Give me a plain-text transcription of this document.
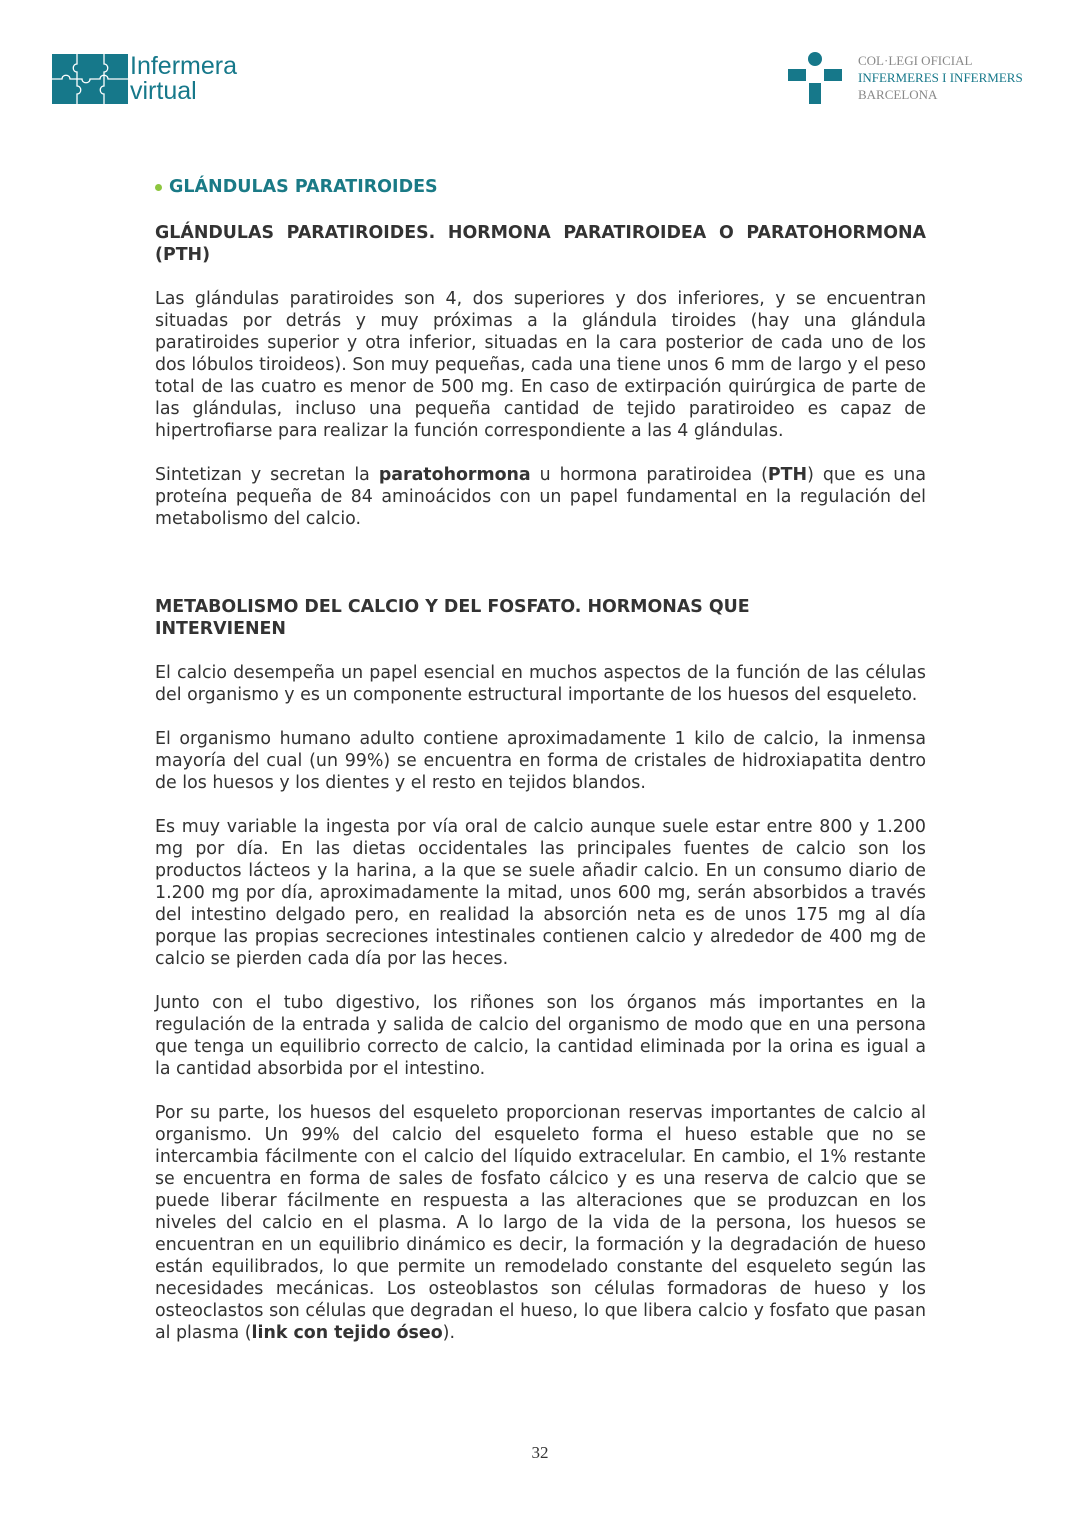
Infermera
virtual
COL·LEGI OFICIAL
INFERMERES I INFERMERS
BARCELONA
GLÁNDULAS PARATIROIDES
GLÁNDULAS PARATIROIDES. HORMONA PARATIROIDEA O PARATOHORMONA (PTH)

Las glándulas paratiroides son 4, dos superiores y dos inferiores, y se encuentran situadas por detrás y muy próximas a la glándula tiroides (hay una glándula paratiroides superior y otra inferior, situadas en la cara posterior de cada uno de los dos lóbulos tiroideos). Son muy pequeñas, cada una tiene unos 6 mm de largo y el peso total de las cuatro es menor de 500 mg. En caso de extirpación quirúrgica de parte de las glándulas, incluso una pequeña cantidad de tejido paratiroideo es capaz de hipertrofiarse para realizar la función correspondiente a las 4 glándulas.

Sintetizan y secretan la paratohormona u hormona paratiroidea (PTH) que es una proteína pequeña de 84 aminoácidos con un papel fundamental en la regulación del metabolismo del calcio.

METABOLISMO DEL CALCIO Y DEL FOSFATO. HORMONAS QUE INTERVIENEN

El calcio desempeña un papel esencial en muchos aspectos de la función de las células del organismo y es un componente estructural importante de los huesos del esqueleto.

El organismo humano adulto contiene aproximadamente 1 kilo de calcio, la inmensa mayoría del cual (un 99%) se encuentra en forma de cristales de hidroxiapatita dentro de los huesos y los dientes y el resto en tejidos blandos.

Es muy variable la ingesta por vía oral de calcio aunque suele estar entre 800 y 1.200 mg por día. En las dietas occidentales las principales fuentes de calcio son los productos lácteos y la harina, a la que se suele añadir calcio. En un consumo diario de 1.200 mg por día, aproximadamente la mitad, unos 600 mg, serán absorbidos a través del intestino delgado pero, en realidad la absorción neta es de unos 175 mg al día porque las propias secreciones intestinales contienen calcio y alrededor de 400 mg de calcio se pierden cada día por las heces.

Junto con el tubo digestivo, los riñones son los órganos más importantes en la regulación de la entrada y salida de calcio del organismo de modo que en una persona que tenga un equilibrio correcto de calcio, la cantidad eliminada por la orina es igual a la cantidad absorbida por el intestino.

Por su parte, los huesos del esqueleto proporcionan reservas importantes de calcio al organismo. Un 99% del calcio del esqueleto forma el hueso estable que no se intercambia fácilmente con el calcio del líquido extracelular. En cambio, el 1% restante se encuentra en forma de sales de fosfato cálcico y es una reserva de calcio que se puede liberar fácilmente en respuesta a las alteraciones que se produzcan en los niveles del calcio en el plasma. A lo largo de la vida de la persona, los huesos se encuentran en un equilibrio dinámico es decir, la formación y la degradación de hueso están equilibrados, lo que permite un remodelado constante del esqueleto según las necesidades mecánicas. Los osteoblastos son células formadoras de hueso y los osteoclastos son células que degradan el hueso, lo que libera calcio y fosfato que pasan al plasma (link con tejido óseo).

32
